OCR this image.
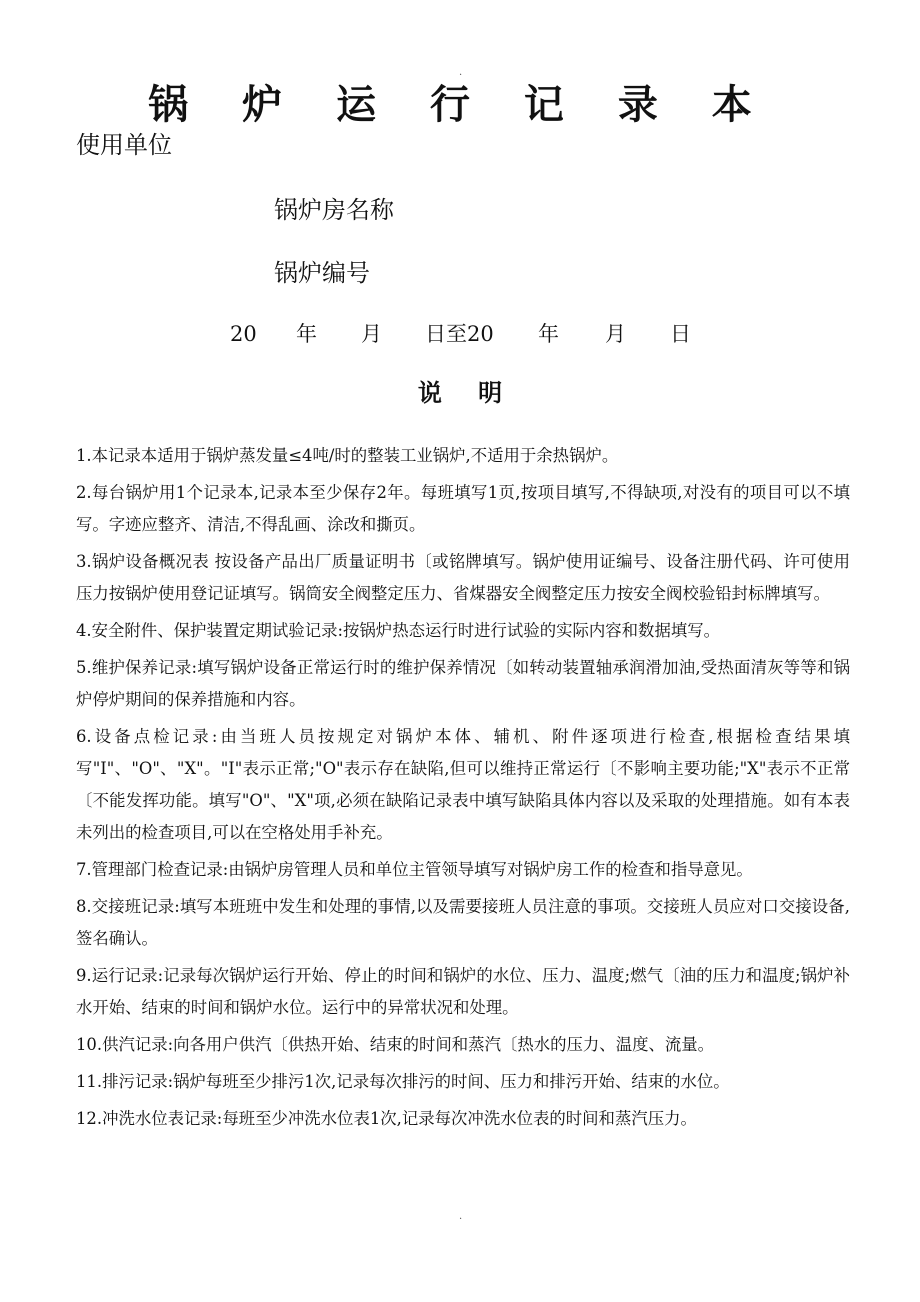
.
锅 炉 运 行 记 录 本
使用单位
锅炉房名称
锅炉编号
20 年 月 日至20 年 月 日
说 明

1.本记录本适用于锅炉蒸发量≤4吨/时的整装工业锅炉,不适用于余热锅炉。

2.每台锅炉用1个记录本,记录本至少保存2年。每班填写1页,按项目填写,不得缺项,对没有的项目可以不填写。字迹应整齐、清洁,不得乱画、涂改和撕页。

3.锅炉设备概况表 按设备产品出厂质量证明书〔或铭牌填写。锅炉使用证编号、设备注册代码、许可使用压力按锅炉使用登记证填写。锅筒安全阀整定压力、省煤器安全阀整定压力按安全阀校验铅封标牌填写。

4.安全附件、保护装置定期试验记录:按锅炉热态运行时进行试验的实际内容和数据填写。

5.维护保养记录:填写锅炉设备正常运行时的维护保养情况〔如转动装置轴承润滑加油,受热面清灰等等和锅炉停炉期间的保养措施和内容。

6.设备点检记录:由当班人员按规定对锅炉本体、辅机、附件逐项进行检查,根据检查结果填写"I"、"O"、"X"。"I"表示正常;"O"表示存在缺陷,但可以维持正常运行〔不影响主要功能;"X"表示不正常〔不能发挥功能。填写"O"、"X"项,必须在缺陷记录表中填写缺陷具体内容以及采取的处理措施。如有本表未列出的检查项目,可以在空格处用手补充。

7.管理部门检查记录:由锅炉房管理人员和单位主管领导填写对锅炉房工作的检查和指导意见。

8.交接班记录:填写本班班中发生和处理的事情,以及需要接班人员注意的事项。交接班人员应对口交接设备,签名确认。

9.运行记录:记录每次锅炉运行开始、停止的时间和锅炉的水位、压力、温度;燃气〔油的压力和温度;锅炉补水开始、结束的时间和锅炉水位。运行中的异常状况和处理。

10.供汽记录:向各用户供汽〔供热开始、结束的时间和蒸汽〔热水的压力、温度、流量。

11.排污记录:锅炉每班至少排污1次,记录每次排污的时间、压力和排污开始、结束的水位。

12.冲洗水位表记录:每班至少冲洗水位表1次,记录每次冲洗水位表的时间和蒸汽压力。

.
